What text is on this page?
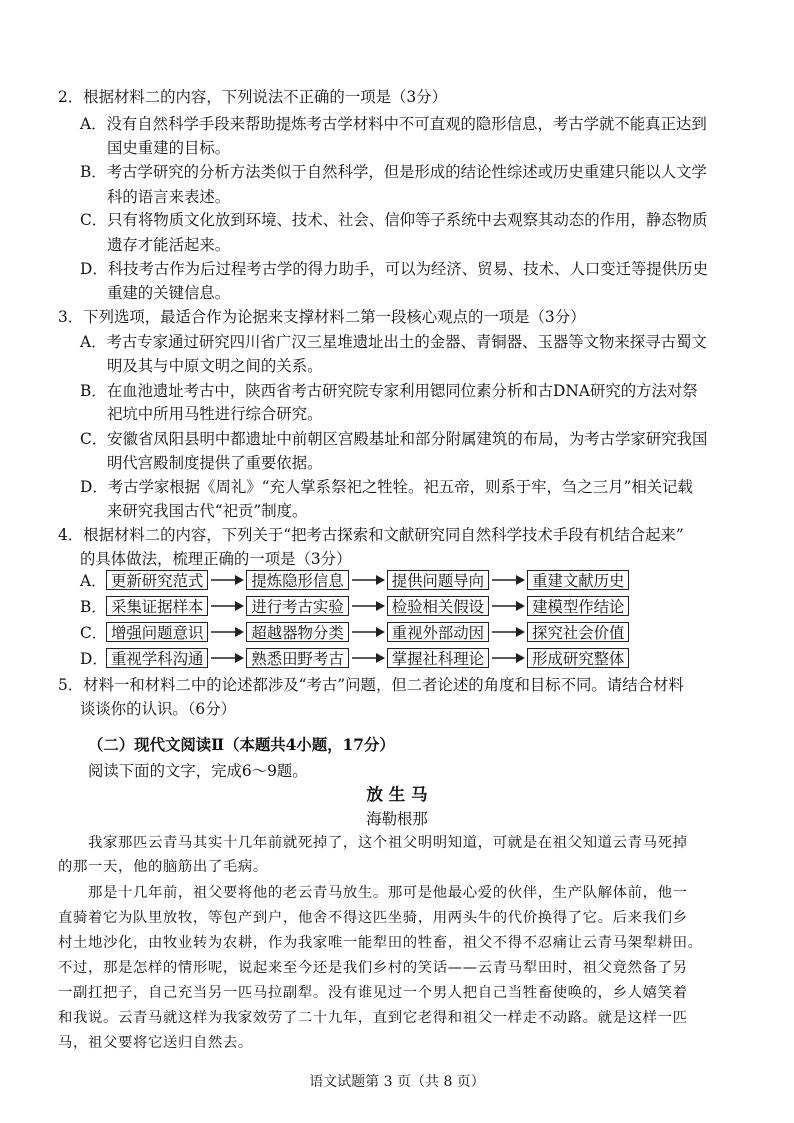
2．根据材料二的内容，下列说法不正确的一项是（3分）
A．没有自然科学手段来帮助提炼考古学材料中不可直观的隐形信息，考古学就不能真正达到
国史重建的目标。
B．考古学研究的分析方法类似于自然科学，但是形成的结论性综述或历史重建只能以人文学
科的语言来表述。
C．只有将物质文化放到环境、技术、社会、信仰等子系统中去观察其动态的作用，静态物质
遗存才能活起来。
D．科技考古作为后过程考古学的得力助手，可以为经济、贸易、技术、人口变迁等提供历史
重建的关键信息。
3．下列选项，最适合作为论据来支撑材料二第一段核心观点的一项是（3分）
A．考古专家通过研究四川省广汉三星堆遗址出土的金器、青铜器、玉器等文物来探寻古蜀文
明及其与中原文明之间的关系。
B．在血池遗址考古中，陕西省考古研究院专家利用锶同位素分析和古DNA研究的方法对祭
祀坑中所用马牲进行综合研究。
C．安徽省凤阳县明中都遗址中前朝区宫殿基址和部分附属建筑的布局，为考古学家研究我国
明代宫殿制度提供了重要依据。
D．考古学家根据《周礼》“充人掌系祭祀之牲牷。祀五帝，则系于牢，刍之三月”相关记载
来研究我国古代“祀贡”制度。
4．根据材料二的内容，下列关于“把考古探索和文献研究同自然科学技术手段有机结合起来”
的具体做法，梳理正确的一项是（3分）
A． 更新研究范式	提炼隐形信息	提供问题导向	重建文献历史
B． 采集证据样本	进行考古实验	检验相关假设	建模型作结论
C． 增强问题意识	超越器物分类	重视外部动因	探究社会价值
D． 重视学科沟通	熟悉田野考古	掌握社科理论	形成研究整体
5．材料一和材料二中的论述都涉及“考古”问题，但二者论述的角度和目标不同。请结合材料
谈谈你的认识。（6分）
（二）现代文阅读Ⅱ（本题共4小题，17分）
阅读下面的文字，完成6～9题。
放 生 马
海勒根那
我家那匹云青马其实十几年前就死掉了，这个祖父明明知道，可就是在祖父知道云青马死掉
的那一天，他的脑筋出了毛病。
那是十几年前，祖父要将他的老云青马放生。那可是他最心爱的伙伴，生产队解体前，他一
直骑着它为队里放牧，等包产到户，他舍不得这匹坐骑，用两头牛的代价换得了它。后来我们乡
村土地沙化，由牧业转为农耕，作为我家唯一能犁田的牲畜，祖父不得不忍痛让云青马架犁耕田。
不过，那是怎样的情形呢，说起来至今还是我们乡村的笑话——云青马犁田时，祖父竟然备了另
一副扛把子，自己充当另一匹马拉副犁。没有谁见过一个男人把自己当牲畜使唤的，乡人嬉笑着
和我说。云青马就这样为我家效劳了二十九年，直到它老得和祖父一样走不动路。就是这样一匹
马，祖父要将它送归自然去。
语文试题第 3 页（共 8 页）
